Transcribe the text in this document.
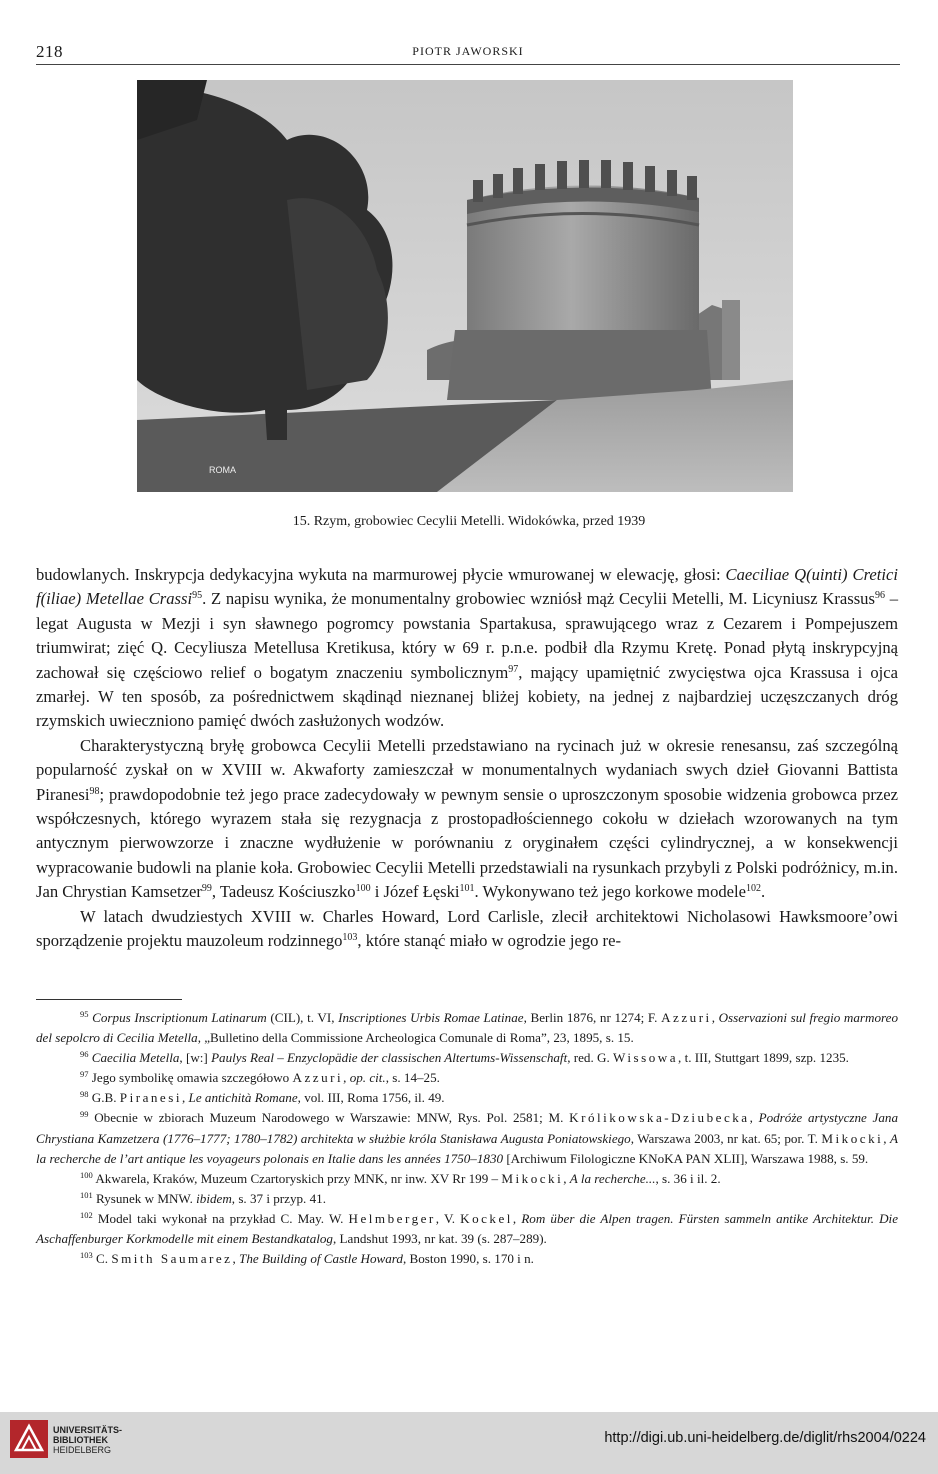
218	PIOTR JAWORSKI
ROMA
15. Rzym, grobowiec Cecylii Metelli. Widokówka, przed 1939

budowlanych. Inskrypcja dedykacyjna wykuta na marmurowej płycie wmurowanej w elewację, głosi: Caeciliae Q(uinti) Cretici f(iliae) Metellae Crassi$^{95}$. Z napisu wynika, że monumentalny grobowiec wzniósł mąż Cecylii Metelli, M. Licyniusz Krassus$^{96}$ – legat Augusta w Mezji i syn sławnego pogromcy powstania Spartakusa, sprawującego wraz z Cezarem i Pompejuszem triumwirat; zięć Q. Cecyliusza Metellusa Kretikusa, który w 69 r. p.n.e. podbił dla Rzymu Kretę. Ponad płytą inskrypcyjną zachował się częściowo relief o bogatym znaczeniu symbolicznym$^{97}$, mający upamiętnić zwycięstwa ojca Krassusa i ojca zmarłej. W ten sposób, za pośrednictwem skądinąd nieznanej bliżej kobiety, na jednej z najbardziej uczęszczanych dróg rzymskich uwieczniono pamięć dwóch zasłużonych wodzów.

Charakterystyczną bryłę grobowca Cecylii Metelli przedstawiano na rycinach już w okresie renesansu, zaś szczególną popularność zyskał on w XVIII w. Akwaforty zamieszczał w monumentalnych wydaniach swych dzieł Giovanni Battista Piranesi$^{98}$; prawdopodobnie też jego prace zadecydowały w pewnym sensie o uproszczonym sposobie widzenia grobowca przez współczesnych, którego wyrazem stała się rezygnacja z prostopadłościennego cokołu w dziełach wzorowanych na tym antycznym pierwowzorze i znaczne wydłużenie w porównaniu z oryginałem części cylindrycznej, a w konsekwencji wypracowanie budowli na planie koła. Grobowiec Cecylii Metelli przedstawiali na rysunkach przybyli z Polski podróżnicy, m.in. Jan Chrystian Kamsetzer$^{99}$, Tadeusz Kościuszko$^{100}$ i Józef Łęski$^{101}$. Wykonywano też jego korkowe modele$^{102}$.

W latach dwudziestych XVIII w. Charles Howard, Lord Carlisle, zlecił architektowi Nicholasowi Hawksmoore’owi sporządzenie projektu mauzoleum rodzinnego$^{103}$, które stanąć miało w ogrodzie jego re-

$^{95}$ Corpus Inscriptionum Latinarum (CIL), t. VI, Inscriptiones Urbis Romae Latinae, Berlin 1876, nr 1274; F. Azzuri, Osservazioni sul fregio marmoreo del sepolcro di Cecilia Metella, „Bulletino della Commissione Archeologica Comunale di Roma”, 23, 1895, s. 15.

$^{96}$ Caecilia Metella, [w:] Paulys Real – Enzyclopädie der classischen Altertums-Wissenschaft, red. G. Wissowa, t. III, Stuttgart 1899, szp. 1235.

$^{97}$ Jego symbolikę omawia szczegółowo Azzuri, op. cit., s. 14–25.

$^{98}$ G.B. Piranesi, Le antichità Romane, vol. III, Roma 1756, il. 49.

$^{99}$ Obecnie w zbiorach Muzeum Narodowego w Warszawie: MNW, Rys. Pol. 2581; M. Królikowska-Dziubecka, Podróże artystyczne Jana Chrystiana Kamzetzera (1776–1777; 1780–1782) architekta w służbie króla Stanisława Augusta Poniatowskiego, Warszawa 2003, nr kat. 65; por. T. Mikocki, A la recherche de l’art antique les voyageurs polonais en Italie dans les années 1750–1830 [Archiwum Filologiczne KNoKA PAN XLII], Warszawa 1988, s. 59.

$^{100}$ Akwarela, Kraków, Muzeum Czartoryskich przy MNK, nr inw. XV Rr 199 – Mikocki, A la recherche..., s. 36 i il. 2.

$^{101}$ Rysunek w MNW. ibidem, s. 37 i przyp. 41.

$^{102}$ Model taki wykonał na przykład C. May. W. Helmberger, V. Kockel, Rom über die Alpen tragen. Fürsten sammeln antike Architektur. Die Aschaffenburger Korkmodelle mit einem Bestandkatalog, Landshut 1993, nr kat. 39 (s. 287–289).

$^{103}$ C. Smith Saumarez, The Building of Castle Howard, Boston 1990, s. 170 i n.

UNIVERSITÄTS-
BIBLIOTHEK
HEIDELBERG
http://digi.ub.uni-heidelberg.de/diglit/rhs2004/0224
